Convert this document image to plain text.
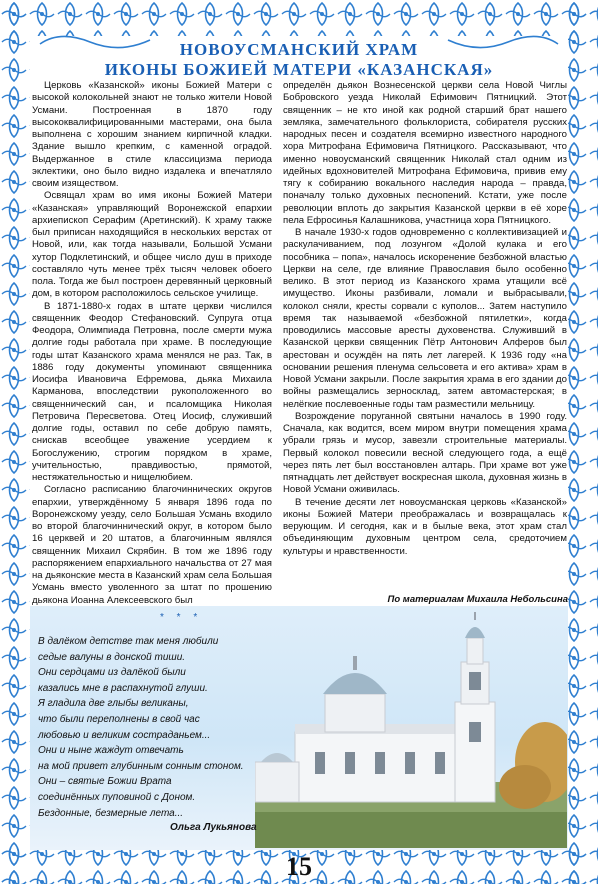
НОВОУСМАНСКИЙ ХРАМ
ИКОНЫ БОЖИЕЙ МАТЕРИ «КАЗАНСКАЯ»

Церковь «Казанской» иконы Божией Матери с высокой колокольней знают не только жители Новой Усмани. Построенная в 1870 году высококвалифицированными мастерами, она была выполнена с хорошим знанием кирпичной кладки. Здание вышло крепким, с каменной оградой. Выдержанное в стиле классицизма периода эклектики, оно было видно издалека и впечатляло своим изяществом.

Освящал храм во имя иконы Божией Матери «Казанская» управляющий Воронежской епархии архиепископ Серафим (Аретинский). К храму также был приписан находящийся в нескольких верстах от Новой, или, как тогда называли, Большой Усмани хутор Подклетинский, и общее число душ в приходе составляло чуть менее трёх тысяч человек обоего пола. Тогда же был построен деревянный церковный дом, в котором расположилось сельское училище.

В 1871-1880-х годах в штате церкви числился священник Феодор Стефановский. Супруга отца Феодора, Олимпиада Петровна, после смерти мужа долгие годы работала при храме. В последующие годы штат Казанского храма менялся не раз. Так, в 1886 году документы упоминают священника Иосифа Ивановича Ефремова, дьяка Михаила Карманова, впоследствии рукоположенного во священнический сан, и псаломщика Николая Петровича Пересветова. Отец Иосиф, служивший долгие годы, оставил по себе добрую память, снискав всеобщее уважение усердием к Богослужению, строгим порядком в храме, учительностью, правдивостью, прямотой, нестяжательностью и нищелюбием.

Согласно расписанию благочиннических округов епархии, утверждённому 5 января 1896 года по Воронежскому уезду, село Большая Усмань входило во второй благочиннический округ, в котором было 16 церквей и 20 штатов, а благочинным являлся священник Михаил Скрябин. В том же 1896 году распоряжением епархиального начальства от 27 мая на дьяконские места в Казанский храм села Большая Усмань вместо уволенного за штат по прошению дьякона Иоанна Алексеевского был

определён дьякон Вознесенской церкви села Новой Чиглы Бобровского уезда Николай Ефимович Пятницкий. Этот священник – не кто иной как родной старший брат нашего земляка, замечательного фольклориста, собирателя русских народных песен и создателя всемирно известного народного хора Митрофана Ефимовича Пятницкого. Рассказывают, что именно новоусманский священник Николай стал одним из идейных вдохновителей Митрофана Ефимовича, привив ему тягу к собиранию вокального наследия народа – правда, поначалу только духовных песнопений. Кстати, уже после революции вплоть до закрытия Казанской церкви в её хоре пела Ефросинья Калашникова, участница хора Пятницкого.

В начале 1930-х годов одновременно с коллективизацией и раскулачиванием, под лозунгом «Долой кулака и его пособника – попа», началось искоренение безбожной властью Церкви на селе, где влияние Православия было особенно велико. В этот период из Казанского храма утащили всё имущество. Иконы разбивали, ломали и выбрасывали, колокол сняли, кресты сорвали с куполов... Затем наступило время так называемой «безбожной пятилетки», когда проводились массовые аресты духовенства. Служивший в Казанской церкви священник Пётр Антонович Алферов был арестован и осуждён на пять лет лагерей. К 1936 году «на основании решения пленума сельсовета и его актива» храм в Новой Усмани закрыли. После закрытия храма в его здании до войны размещались зерносклад, затем автомастерская; в нелёгкие послевоенные годы там разместили мельницу.

Возрождение поруганной святыни началось в 1990 году. Сначала, как водится, всем миром внутри помещения храма убрали грязь и мусор, завезли строительные материалы. Первый колокол повесили весной следующего года, а ещё через пять лет был восстановлен алтарь. При храме вот уже пятнадцать лет действует воскресная школа, духовная жизнь в Новой Усмани оживилась.

В течение десяти лет новоусманская церковь «Казанской» иконы Божией Матери преображалась и возвращалась к верующим. И сегодня, как и в былые века, этот храм стал объединяющим духовным центром села, средоточием культуры и нравственности.

По материалам Михаила Небольсина
* * *
В далёком детстве так меня любили
седые валуны в донской тиши.
Они сердцами из далёкой были
казались мне в распахнутой глуши.
Я гладила две глыбы великаны,
что были переполнены в свой час
любовью и великим состраданьем...
Они и ныне жаждут отвечать
на мой привет глубинным сонным стоном.
Они – святые Божии Врата
соединённых пуповиной с Доном.
Бездонные, безмерные лета...
Ольга Лукьянова
15
